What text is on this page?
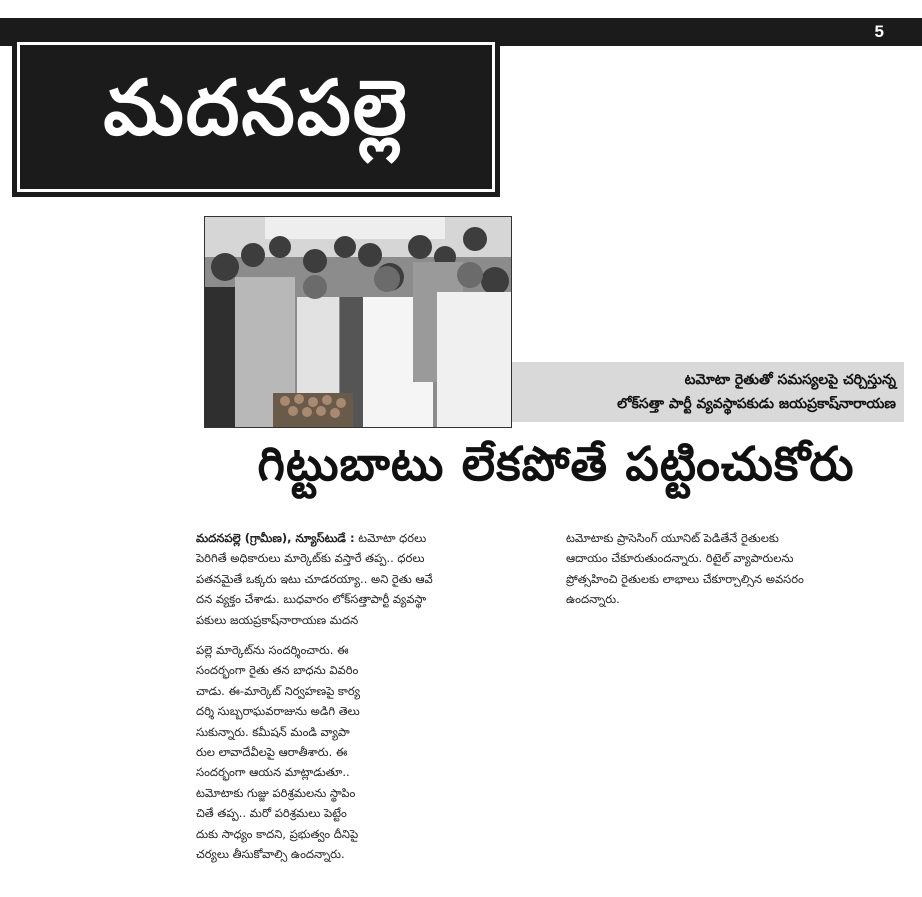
5
మదనపల్లె
టమోటా రైతుతో సమస్యలపై చర్చిస్తున్న
లోక్‌సత్తా పార్టీ వ్యవస్థాపకుడు జయప్రకాష్‌నారాయణ
గిట్టుబాటు లేకపోతే పట్టించుకోరు
మదనపల్లె (గ్రామీణ), న్యూస్‌టుడే : టమోటా ధరలు
పెరిగితే అధికారులు మార్కెట్‌కు వస్తారే తప్ప.. ధరలు
పతనమైతే ఒక్కరు ఇటు చూడరయ్యా.. అని రైతు ఆవే
దన వ్యక్తం చేశాడు. బుధవారం లోక్‌సత్తాపార్టీ వ్యవస్థా
పకులు జయప్రకాష్‌నారాయణ మదన
పల్లె మార్కెట్‌ను సందర్శించారు. ఈ
సందర్భంగా రైతు తన బాధను వివరిం
చాడు. ఈ-మార్కెట్ నిర్వహణపై కార్య
దర్శి సుబ్బరాఘవరాజును అడిగి తెలు
సుకున్నారు. కమీషన్ మండి వ్యాపా
రుల లావాదేవీలపై ఆరాతీశారు. ఈ
సందర్భంగా ఆయన మాట్లాడుతూ..
టమోటాకు గుజ్జు పరిశ్రమలను స్థాపిం
చితే తప్ప.. మరో పరిశ్రమలు పెట్టేం
దుకు సాధ్యం కాదని, ప్రభుత్వం దీనిపై
చర్యలు తీసుకోవాల్సి ఉందన్నారు.
టమోటాకు ప్రాసెసింగ్ యూనిట్ పెడితేనే రైతులకు
ఆదాయం చేకూరుతుందన్నారు. రిటైల్ వ్యాపారులను
ప్రోత్సహించి రైతులకు లాభాలు చేకూర్చాల్సిన అవసరం
ఉందన్నారు.
